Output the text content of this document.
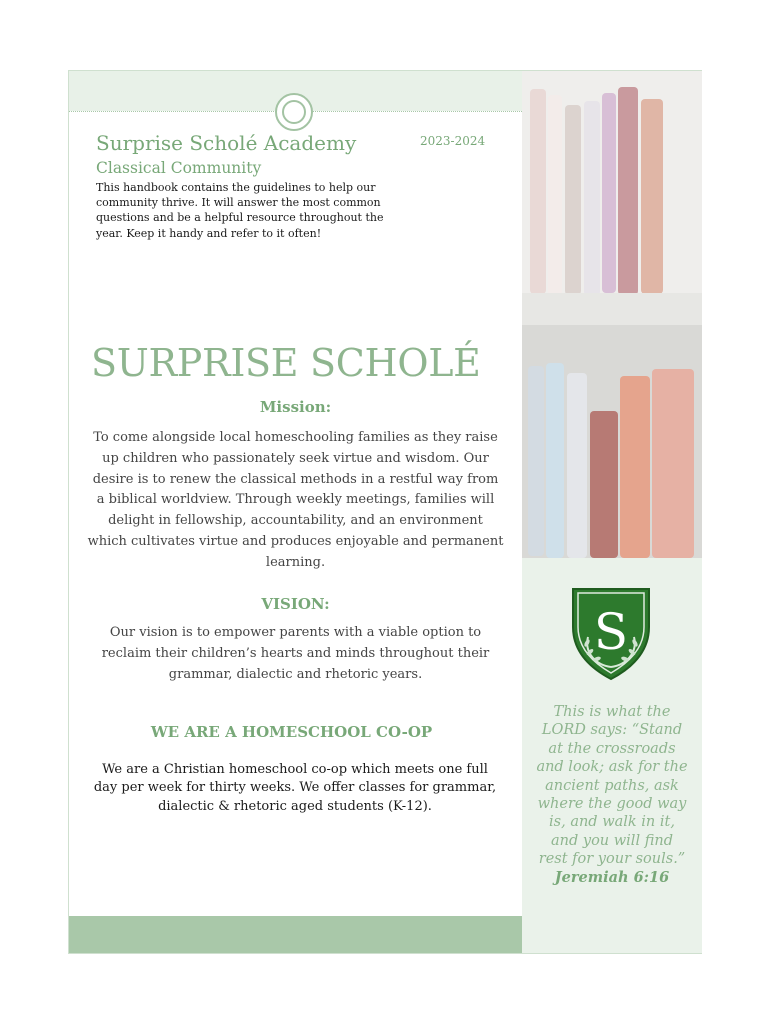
Surprise Scholé Academy	2023-2024
Classical Community

This handbook contains the guidelines to help our community thrive. It will answer the most common questions and be a helpful resource throughout the year. Keep it handy and refer to it often!

SURPRISE SCHOLÉ
Mission:

To come alongside local homeschooling families as they raise up children who passionately seek virtue and wisdom. Our desire is to renew the classical methods in a restful way from a biblical worldview. Through weekly meetings, families will delight in fellowship, accountability, and an environment which cultivates virtue and produces enjoyable and permanent learning.

VISION:

Our vision is to empower parents with a viable option to reclaim their children’s hearts and minds throughout their grammar, dialectic and rhetoric years.

WE ARE A HOMESCHOOL CO-OP

We are a Christian homeschool co-op which meets one full day per week for thirty weeks. We offer classes for grammar, dialectic & rhetoric aged students (K-12).

S
This is what the LORD says: “Stand at the crossroads and look; ask for the ancient paths, ask where the good way is, and walk in it, and you will find rest for your souls.”
Jeremiah 6:16
